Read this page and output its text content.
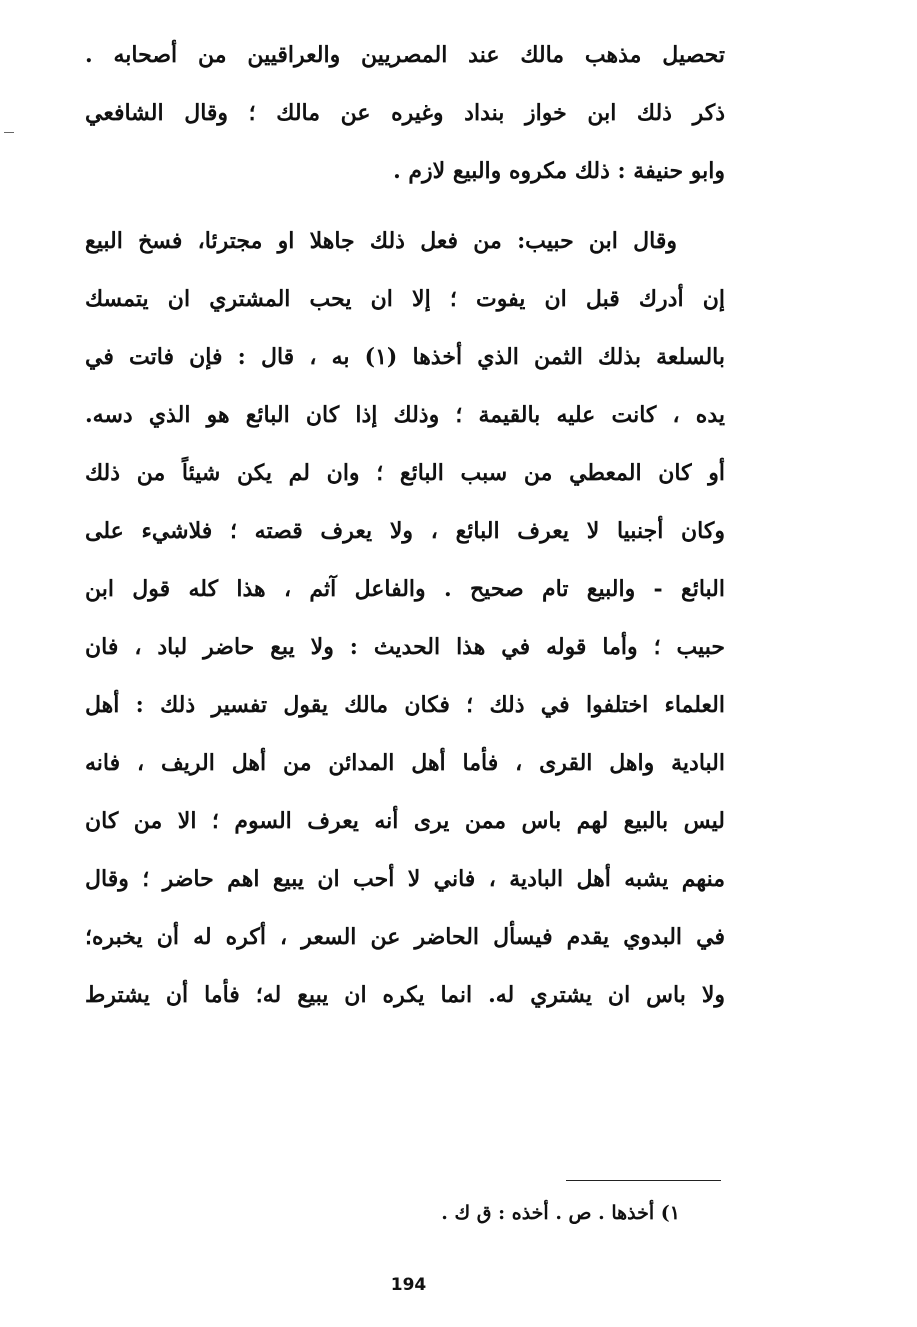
تحصيل مذهب مالك عند المصريين والعراقيين من أصحابه .
ذكر ذلك ابن خواز بنداد وغيره عن مالك ؛ وقال الشافعي
وابو حنيفة : ذلك مكروه والبيع لازم .
وقال ابن حبيب: من فعل ذلك جاهلا او مجترئا، فسخ البيع
إن أدرك قبل ان يفوت ؛ إلا ان يحب المشتري ان يتمسك
بالسلعة بذلك الثمن الذي أخذها (١) به ، قال : فإن فاتت في
يده ، كانت عليه بالقيمة ؛ وذلك إذا كان البائع هو الذي دسه.
أو كان المعطي من سبب البائع ؛ وان لم يكن شيئاً من ذلك
وكان أجنبيا لا يعرف البائع ، ولا يعرف قصته ؛ فلاشيء على
البائع - والبيع تام صحيح . والفاعل آثم ، هذا كله قول ابن
حبيب ؛ وأما قوله في هذا الحديث : ولا يبع حاضر لباد ، فان
العلماء اختلفوا في ذلك ؛ فكان مالك يقول تفسير ذلك : أهل
البادية واهل القرى ، فأما أهل المدائن من أهل الريف ، فانه
ليس بالبيع لهم باس ممن يرى أنه يعرف السوم ؛ الا من كان
منهم يشبه أهل البادية ، فاني لا أحب ان يبيع اهم حاضر ؛ وقال
في البدوي يقدم فيسأل الحاضر عن السعر ، أكره له أن يخبره؛
ولا باس ان يشتري له. انما يكره ان يبيع له؛ فأما أن يشترط
١) أخذها . ص . أخذه : ق ك .
194
